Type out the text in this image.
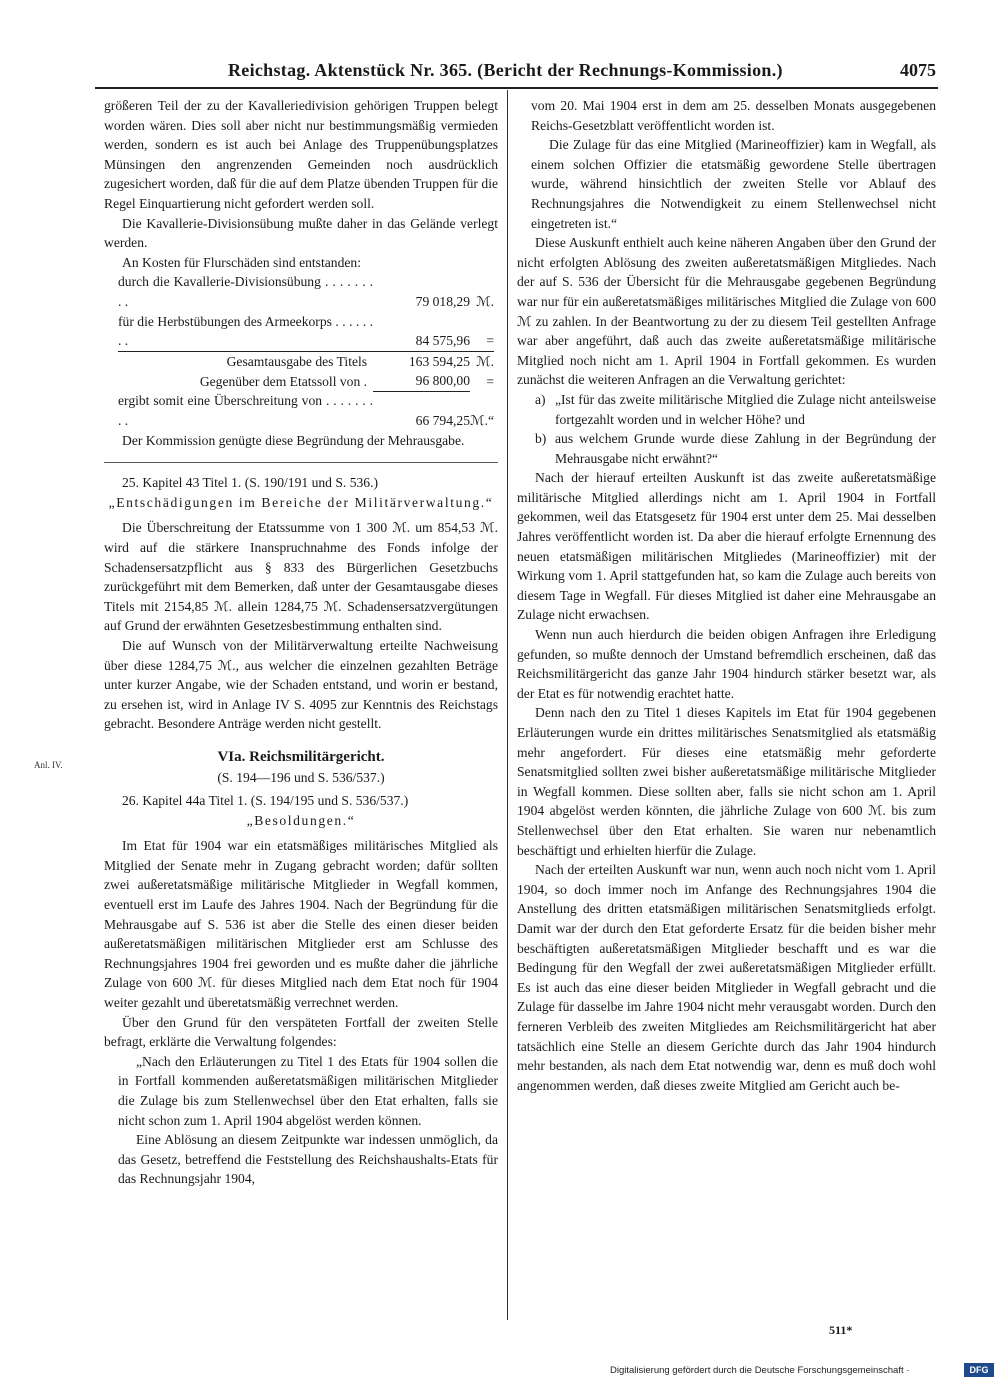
Reichstag. Aktenstück Nr. 365. (Bericht der Rechnungs-Kommission.)	4075
Anl. IV.

größeren Teil der zu der Kavalleriedivision gehörigen Truppen belegt worden wären. Dies soll aber nicht nur bestimmungsmäßig vermieden werden, sondern es ist auch bei Anlage des Truppenübungsplatzes Münsingen den angrenzenden Gemeinden noch ausdrücklich zugesichert worden, daß für die auf dem Platze übenden Truppen für die Regel Einquartierung nicht gefordert werden soll.

Die Kavallerie-Divisionsübung mußte daher in das Gelände verlegt werden.

An Kosten für Flurschäden sind entstanden:

durch die Kavallerie-Divisionsübung . . . . . . . . .	79 018,29	ℳ.
für die Herbstübungen des Armeekorps . . . . . . . .	84 575,96	=
Gesamtausgabe des Titels	163 594,25	ℳ.
Gegenüber dem Etatssoll von .	96 800,00	=
ergibt somit eine Überschreitung von . . . . . . . . .	66 794,25	ℳ.“

Der Kommission genügte diese Begründung der Mehrausgabe.

25. Kapitel 43 Titel 1. (S. 190/191 und S. 536.)

„Entschädigungen im Bereiche der Militärverwaltung.“

Die Überschreitung der Etatssumme von 1 300 ℳ. um 854,53 ℳ. wird auf die stärkere Inanspruchnahme des Fonds infolge der Schadensersatzpflicht aus § 833 des Bürgerlichen Gesetzbuchs zurückgeführt mit dem Bemerken, daß unter der Gesamtausgabe dieses Titels mit 2154,85 ℳ. allein 1284,75 ℳ. Schadensersatzvergütungen auf Grund der erwähnten Gesetzesbestimmung enthalten sind.

Die auf Wunsch von der Militärverwaltung erteilte Nachweisung über diese 1284,75 ℳ., aus welcher die einzelnen gezahlten Beträge unter kurzer Angabe, wie der Schaden entstand, und worin er bestand, zu ersehen ist, wird in Anlage IV S. 4095 zur Kenntnis des Reichstags gebracht. Besondere Anträge werden nicht gestellt.

VIa. Reichsmilitärgericht.

(S. 194—196 und S. 536/537.)

26. Kapitel 44a Titel 1. (S. 194/195 und S. 536/537.)

„Besoldungen.“

Im Etat für 1904 war ein etatsmäßiges militärisches Mitglied als Mitglied der Senate mehr in Zugang gebracht worden; dafür sollten zwei außeretatsmäßige militärische Mitglieder in Wegfall kommen, eventuell erst im Laufe des Jahres 1904. Nach der Begründung für die Mehrausgabe auf S. 536 ist aber die Stelle des einen dieser beiden außeretatsmäßigen militärischen Mitglieder erst am Schlusse des Rechnungsjahres 1904 frei geworden und es mußte daher die jährliche Zulage von 600 ℳ. für dieses Mitglied nach dem Etat noch für 1904 weiter gezahlt und überetatsmäßig verrechnet werden.

Über den Grund für den verspäteten Fortfall der zweiten Stelle befragt, erklärte die Verwaltung folgendes:

„Nach den Erläuterungen zu Titel 1 des Etats für 1904 sollen die in Fortfall kommenden außeretatsmäßigen militärischen Mitglieder die Zulage bis zum Stellenwechsel über den Etat erhalten, falls sie nicht schon zum 1. April 1904 abgelöst werden können.

Eine Ablösung an diesem Zeitpunkte war indessen unmöglich, da das Gesetz, betreffend die Feststellung des Reichshaushalts-Etats für das Rechnungsjahr 1904,

vom 20. Mai 1904 erst in dem am 25. desselben Monats ausgegebenen Reichs-Gesetzblatt veröffentlicht worden ist.

Die Zulage für das eine Mitglied (Marineoffizier) kam in Wegfall, als einem solchen Offizier die etatsmäßig gewordene Stelle übertragen wurde, während hinsichtlich der zweiten Stelle vor Ablauf des Rechnungsjahres die Notwendigkeit zu einem Stellenwechsel nicht eingetreten ist.“

Diese Auskunft enthielt auch keine näheren Angaben über den Grund der nicht erfolgten Ablösung des zweiten außeretatsmäßigen Mitgliedes. Nach der auf S. 536 der Übersicht für die Mehrausgabe gegebenen Begründung war nur für ein außeretatsmäßiges militärisches Mitglied die Zulage von 600 ℳ zu zahlen. In der Beantwortung zu der zu diesem Teil gestellten Anfrage war aber angeführt, daß auch das zweite außeretatsmäßige militärische Mitglied noch nicht am 1. April 1904 in Fortfall gekommen. Es wurden zunächst die weiteren Anfragen an die Verwaltung gerichtet:

a) „Ist für das zweite militärische Mitglied die Zulage nicht anteilsweise fortgezahlt worden und in welcher Höhe? und
b) aus welchem Grunde wurde diese Zahlung in der Begründung der Mehrausgabe nicht erwähnt?“

Nach der hierauf erteilten Auskunft ist das zweite außeretatsmäßige militärische Mitglied allerdings nicht am 1. April 1904 in Fortfall gekommen, weil das Etatsgesetz für 1904 erst unter dem 25. Mai desselben Jahres veröffentlicht worden ist. Da aber die hierauf erfolgte Ernennung des neuen etatsmäßigen militärischen Mitgliedes (Marineoffizier) mit der Wirkung vom 1. April stattgefunden hat, so kam die Zulage auch bereits von diesem Tage in Wegfall. Für dieses Mitglied ist daher eine Mehrausgabe an Zulage nicht erwachsen.

Wenn nun auch hierdurch die beiden obigen Anfragen ihre Erledigung gefunden, so mußte dennoch der Umstand befremdlich erscheinen, daß das Reichsmilitärgericht das ganze Jahr 1904 hindurch stärker besetzt war, als der Etat es für notwendig erachtet hatte.

Denn nach den zu Titel 1 dieses Kapitels im Etat für 1904 gegebenen Erläuterungen wurde ein drittes militärisches Senatsmitglied als etatsmäßig mehr angefordert. Für dieses eine etatsmäßig mehr geforderte Senatsmitglied sollten zwei bisher außeretatsmäßige militärische Mitglieder in Wegfall kommen. Diese sollten aber, falls sie nicht schon am 1. April 1904 abgelöst werden könnten, die jährliche Zulage von 600 ℳ. bis zum Stellenwechsel über den Etat erhalten. Sie waren nur nebenamtlich beschäftigt und erhielten hierfür die Zulage.

Nach der erteilten Auskunft war nun, wenn auch noch nicht vom 1. April 1904, so doch immer noch im Anfange des Rechnungsjahres 1904 die Anstellung des dritten etatsmäßigen militärischen Senatsmitglieds erfolgt. Damit war der durch den Etat geforderte Ersatz für die beiden bisher mehr beschäftigten außeretatsmäßigen Mitglieder beschafft und es war die Bedingung für den Wegfall der zwei außeretatsmäßigen Mitglieder erfüllt. Es ist auch das eine dieser beiden Mitglieder in Wegfall gebracht und die Zulage für dasselbe im Jahre 1904 nicht mehr verausgabt worden. Durch den ferneren Verbleib des zweiten Mitgliedes am Reichsmilitärgericht hat aber tatsächlich eine Stelle an diesem Gerichte durch das Jahr 1904 hindurch mehr bestanden, als nach dem Etat notwendig war, denn es muß doch wohl angenommen werden, daß dieses zweite Mitglied am Gericht auch be-

511*
Digitalisierung gefördert durch die Deutsche Forschungsgemeinschaft ·	DFG
